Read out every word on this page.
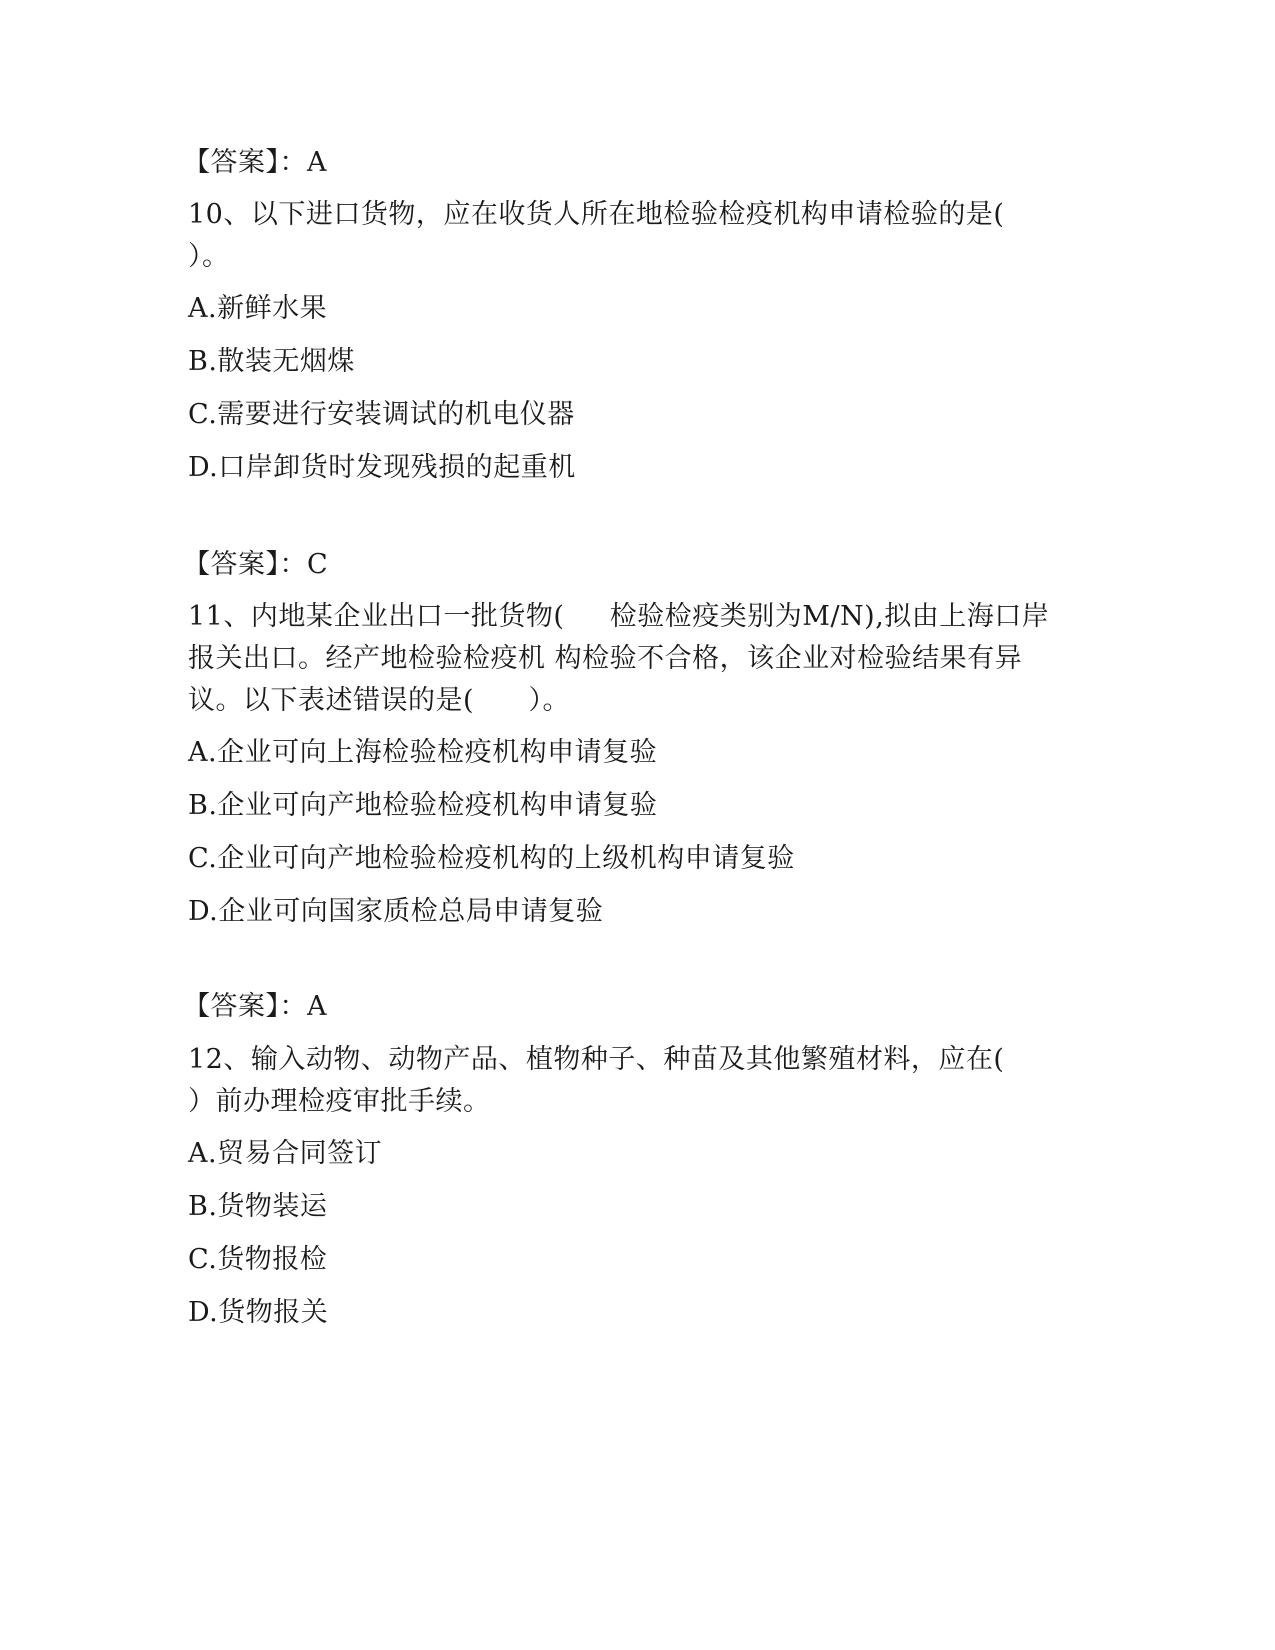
【答案】：A
10、以下进口货物，应在收货人所在地检验检疫机构申请检验的是(
）。
A.新鲜水果
B.散装无烟煤
C.需要进行安装调试的机电仪器
D.口岸卸货时发现残损的起重机
【答案】：C
11、内地某企业出口一批货物(     检验检疫类别为M/N),拟由上海口岸
报关出口。经产地检验检疫机 构检验不合格，该企业对检验结果有异
议。以下表述错误的是(      ）。
A.企业可向上海检验检疫机构申请复验
B.企业可向产地检验检疫机构申请复验
C.企业可向产地检验检疫机构的上级机构申请复验
D.企业可向国家质检总局申请复验
【答案】：A
12、输入动物、动物产品、植物种子、种苗及其他繁殖材料，应在(
）前办理检疫审批手续。
A.贸易合同签订
B.货物装运
C.货物报检
D.货物报关
